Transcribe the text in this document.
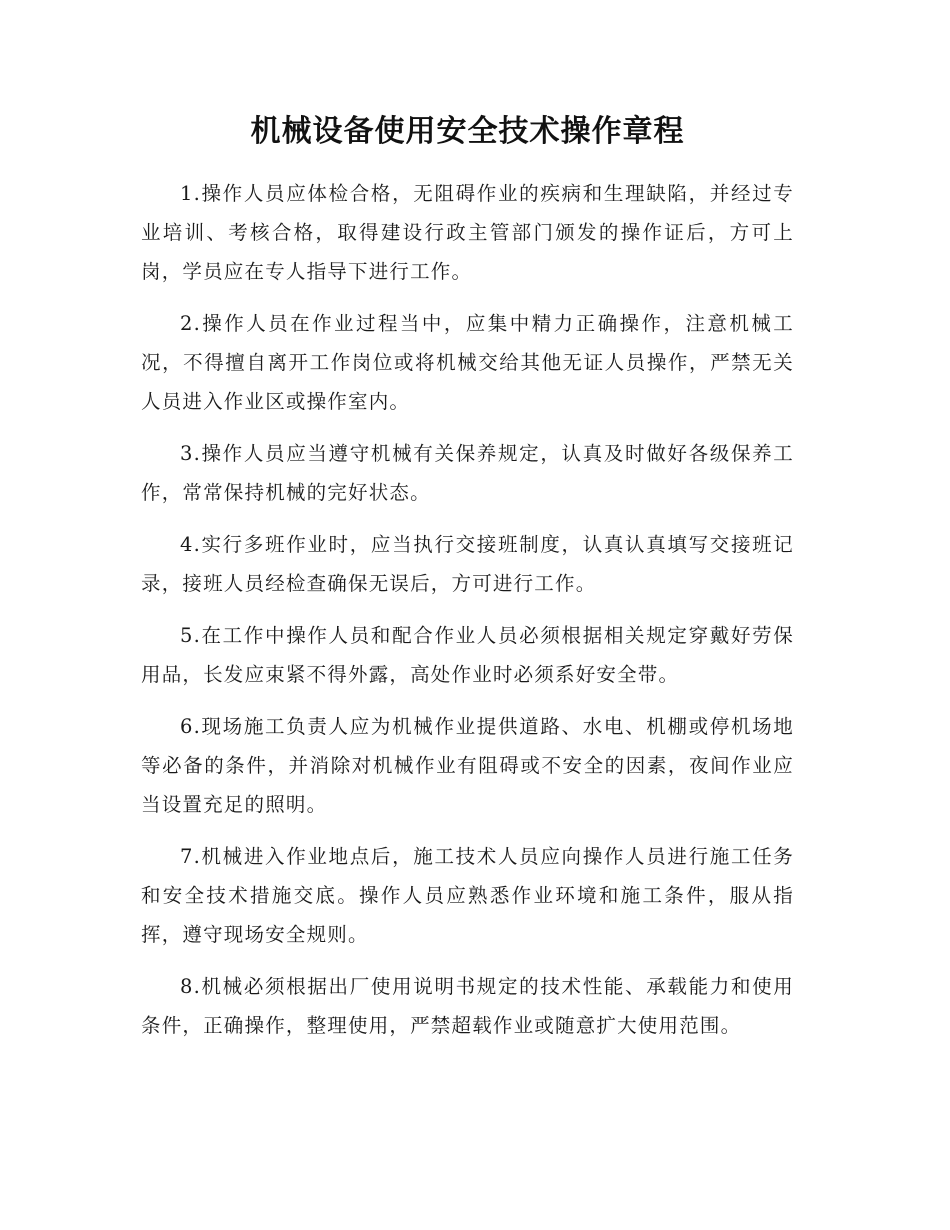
机械设备使用安全技术操作章程

1.操作人员应体检合格，无阻碍作业的疾病和生理缺陷，并经过专业培训、考核合格，取得建设行政主管部门颁发的操作证后，方可上岗，学员应在专人指导下进行工作。

2.操作人员在作业过程当中，应集中精力正确操作，注意机械工况，不得擅自离开工作岗位或将机械交给其他无证人员操作，严禁无关人员进入作业区或操作室内。

3.操作人员应当遵守机械有关保养规定，认真及时做好各级保养工作，常常保持机械的完好状态。

4.实行多班作业时，应当执行交接班制度，认真认真填写交接班记录，接班人员经检查确保无误后，方可进行工作。

5.在工作中操作人员和配合作业人员必须根据相关规定穿戴好劳保用品，长发应束紧不得外露，高处作业时必须系好安全带。

6.现场施工负责人应为机械作业提供道路、水电、机棚或停机场地等必备的条件，并消除对机械作业有阻碍或不安全的因素，夜间作业应当设置充足的照明。

7.机械进入作业地点后，施工技术人员应向操作人员进行施工任务和安全技术措施交底。操作人员应熟悉作业环境和施工条件，服从指挥，遵守现场安全规则。

8.机械必须根据出厂使用说明书规定的技术性能、承载能力和使用条件，正确操作，整理使用，严禁超载作业或随意扩大使用范围。
